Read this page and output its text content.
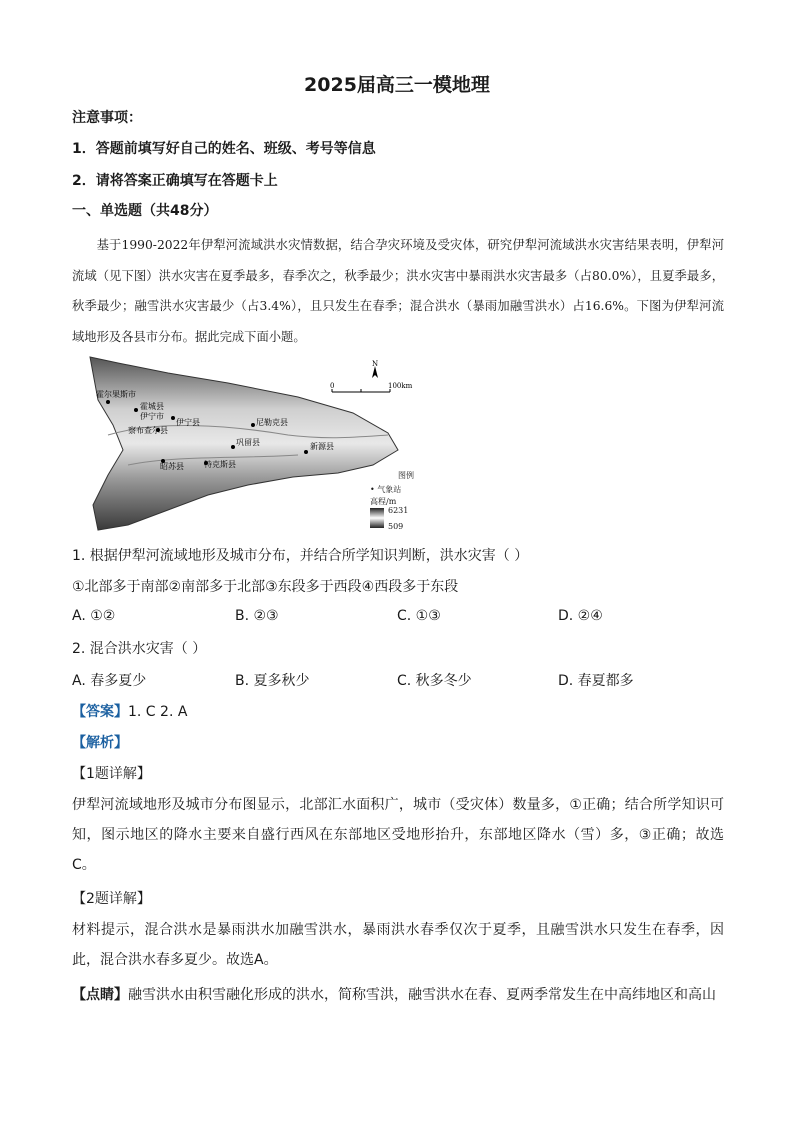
2025届高三一模地理
注意事项：
1．答题前填写好自己的姓名、班级、考号等信息
2．请将答案正确填写在答题卡上
一、单选题（共48分）
基于1990-2022年伊犁河流域洪水灾情数据，结合孕灾环境及受灾体，研究伊犁河流域洪水灾害结果表明，伊犁河流域（见下图）洪水灾害在夏季最多，春季次之，秋季最少；洪水灾害中暴雨洪水灾害最多（占80.0%），且夏季最多，秋季最少；融雪洪水灾害最少（占3.4%），且只发生在春季；混合洪水（暴雨加融雪洪水）占16.6%。下图为伊犁河流域地形及各县市分布。据此完成下面小题。
霍尔果斯市
霍城县
伊宁市
伊宁县
察布查尔县
尼勒克县
巩留县	新源县
昭苏县	特克斯县
N
0	100km
图例
• 气象站
高程/m
6231
509
1. 根据伊犁河流域地形及城市分布，并结合所学知识判断，洪水灾害（ ）
①北部多于南部②南部多于北部③东段多于西段④西段多于东段
A. ①②	B. ②③	C. ①③	D. ②④
2. 混合洪水灾害（ ）
A. 春多夏少	B. 夏多秋少	C. 秋多冬少	D. 春夏都多
【答案】1. C 2. A
【解析】
【1题详解】
伊犁河流域地形及城市分布图显示，北部汇水面积广，城市（受灾体）数量多，①正确；结合所学知识可知，图示地区的降水主要来自盛行西风在东部地区受地形抬升，东部地区降水（雪）多，③正确；故选C。
【2题详解】
材料提示，混合洪水是暴雨洪水加融雪洪水，暴雨洪水春季仅次于夏季，且融雪洪水只发生在春季，因此，混合洪水春多夏少。故选A。
【点睛】融雪洪水由积雪融化形成的洪水，简称雪洪，融雪洪水在春、夏两季常发生在中高纬地区和高山
